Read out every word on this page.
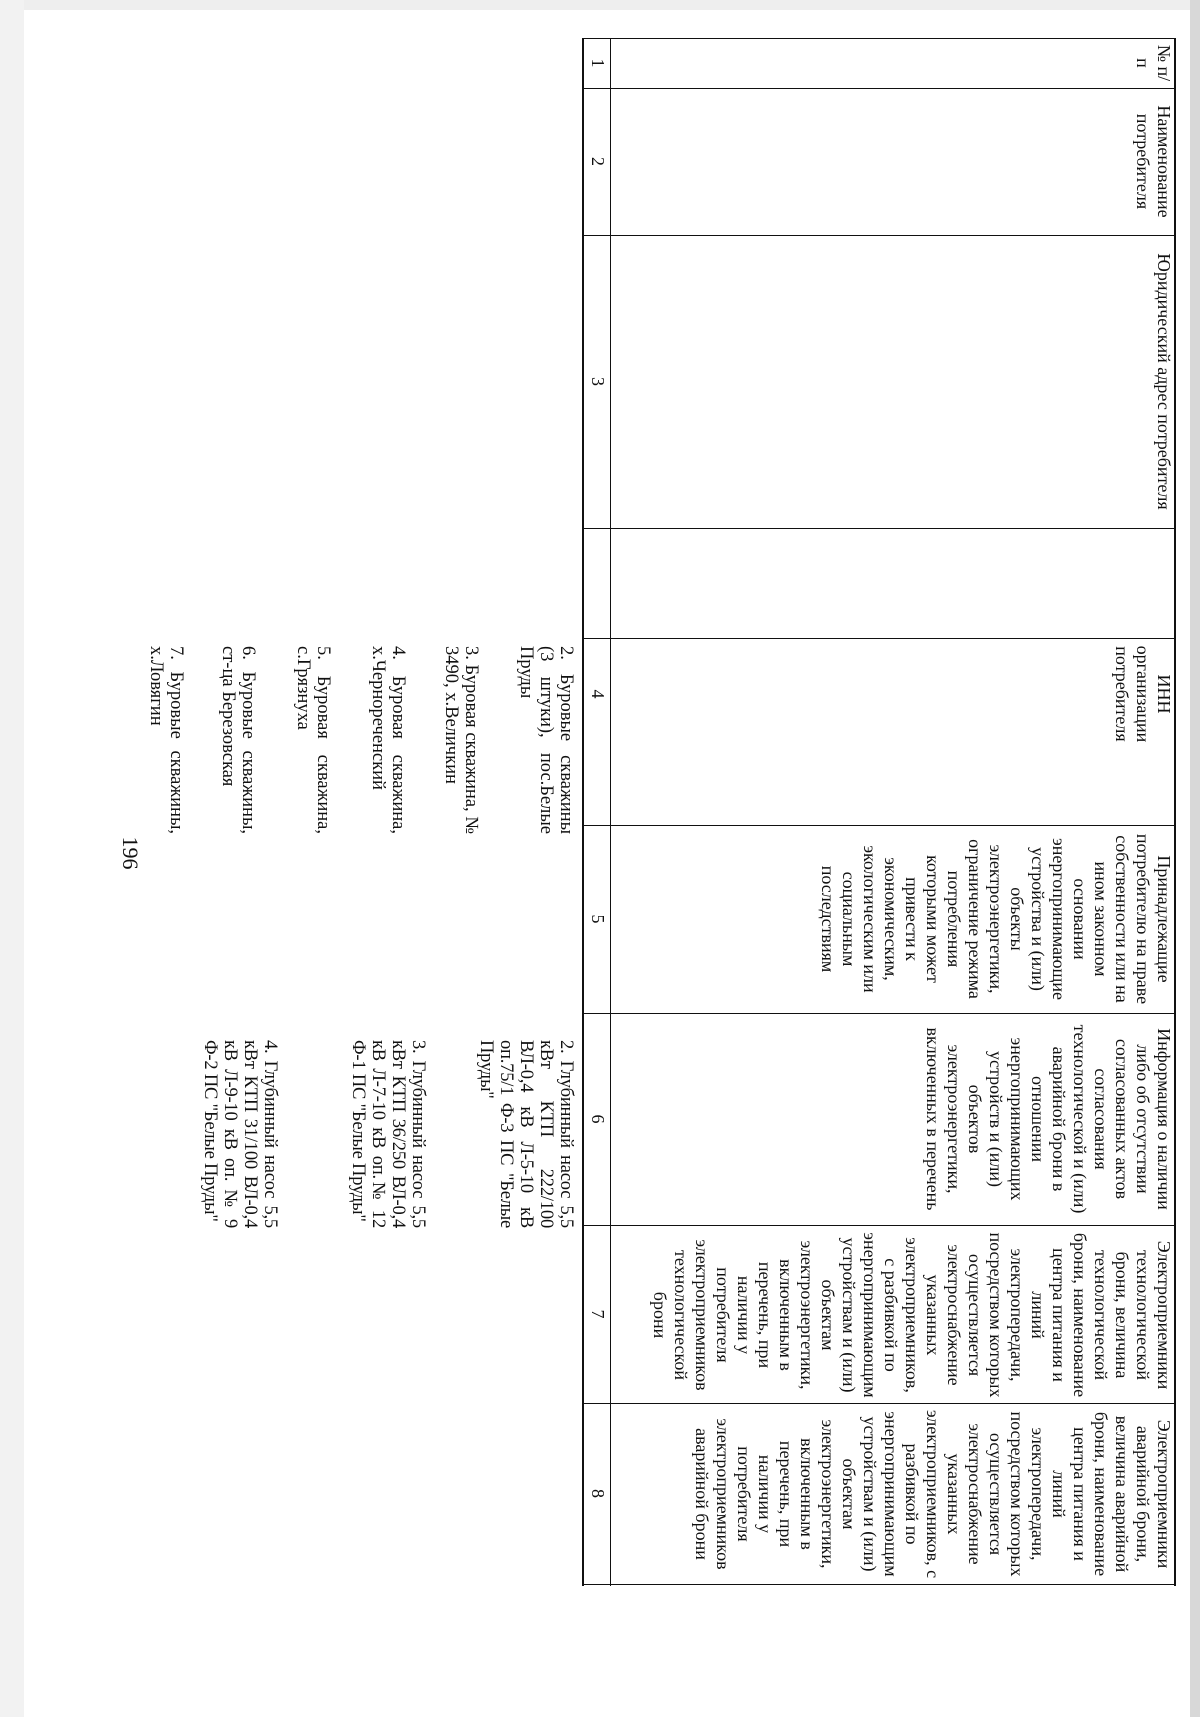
196
№ п/п
Наименование потребителя
Юридический адрес потребителя
ИНН организации потребителя
Принадлежащие потребителю на праве собственности или на ином законном основании энергопринимающие устройства и (или) объекты электроэнергетики, ограничение режима потребления которыми может привести к экономическим, экологическим или социальным последствиям
Информация о наличии либо об отсутствии согласованных актов согласования технологической и (или) аварийной брони в отношении энергопринимающих устройств и (или) объектов электроэнергетики, включенных в перечень
Электроприемники технологической брони, величина технологической брони, наименование центра питания и линий электропередачи, посредством которых осуществляется электроснабжение указанных электроприемников, с разбивкой по энергопринимающим устройствам и (или) объектам электроэнергетики, включенным в перечень, при наличии у потребителя электроприемников технологической брони
Электроприемники аварийной брони, величина аварийной брони, наименование центра питания и линий электропередачи, посредством которых осуществляется электроснабжение указанных электроприемников, с разбивкой по энергопринимающим устройствам и (или) объектам электроэнергетики, включенным в перечень, при наличии у потребителя электроприемников аварийной брони
1
2
3
4
5
6
7
8
2. Буровые скважины (3 штуки), пос.Белые Пруды
3. Буровая скважина, № 3490, х.Величкин
4. Буровая скважина, х.Чернореченский
5. Буровая скважина, с.Грязнуха
6. Буровые скважины, ст-ца Березовская
7. Буровые скважины, х.Ловягин
2. Глубинный насос 5,5 кВт КТП 222/100 ВЛ-0,4 кВ Л-5-10 кВ оп.75/1 Ф-3 ПС "Белые Пруды"
3. Глубинный насос 5,5 кВт КТП 36/250 ВЛ-0,4 кВ Л-7-10 кВ оп.№ 12 Ф-1 ПС "Белые Пруды"
4. Глубинный насос 5,5 кВт КТП 31/100 ВЛ-0,4 кВ Л-9-10 кВ оп. № 9 Ф-2 ПС "Белые Пруды"
